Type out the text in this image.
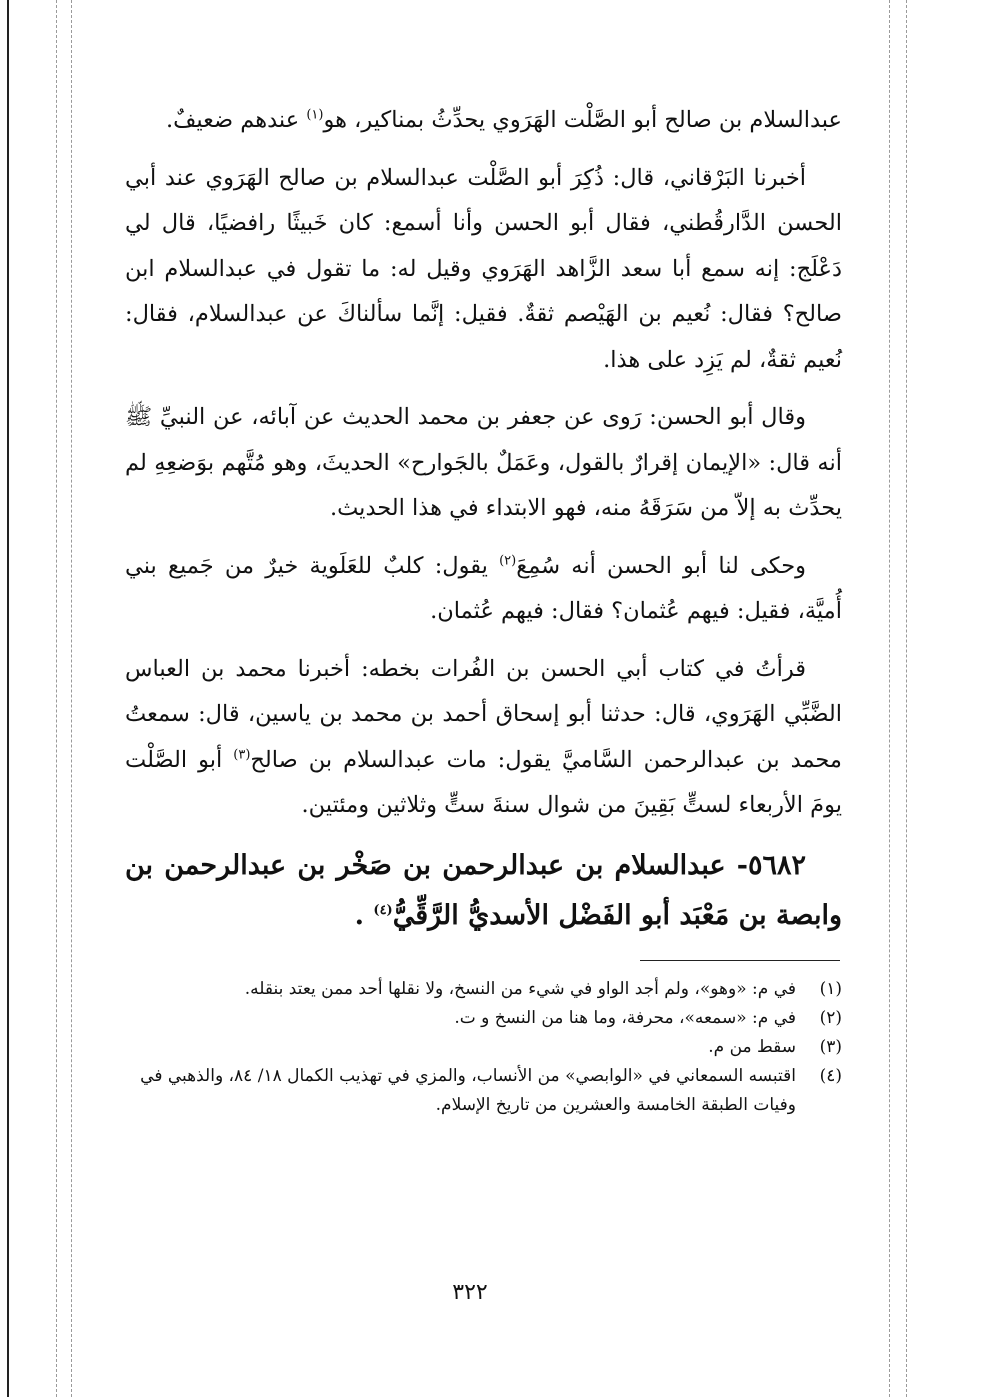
عبدالسلام بن صالح أبو الصَّلْت الهَرَوي يحدِّثُ بمناكير، هو$^{(١)}$ عندهم ضعيفٌ.

أخبرنا البَرْقاني، قال: ذُكِرَ أبو الصَّلْت عبدالسلام بن صالح الهَرَوي عند أبي الحسن الدَّارقُطني، فقال أبو الحسن وأنا أسمع: كان خَبيثًا رافضيًا، قال لي دَعْلَج: إنه سمع أبا سعد الزَّاهد الهَرَوي وقيل له: ما تقول في عبدالسلام ابن صالح؟ فقال: نُعيم بن الهَيْصم ثقةٌ. فقيل: إنَّما سألناكَ عن عبدالسلام، فقال: نُعيم ثقةٌ، لم يَزِد على هذا.

وقال أبو الحسن: رَوى عن جعفر بن محمد الحديث عن آبائه، عن النبيِّ ﷺ أنه قال: «الإيمان إقرارٌ بالقول، وعَمَلٌ بالجَوارح» الحديثَ، وهو مُتَّهم بوَضعِهِ لم يحدِّث به إلاّ من سَرَقَهُ منه، فهو الابتداء في هذا الحديث.

وحكى لنا أبو الحسن أنه سُمِعَ$^{(٢)}$ يقول: كلبٌ للعَلَوية خيرٌ من جَميع بني أُميَّة، فقيل: فيهم عُثمان؟ فقال: فيهم عُثمان.

قرأتُ في كتاب أبي الحسن بن الفُرات بخطه: أخبرنا محمد بن العباس الضَّبِّي الهَرَوي، قال: حدثنا أبو إسحاق أحمد بن محمد بن ياسين، قال: سمعتُ محمد بن عبدالرحمن السَّاميَّ يقول: مات عبدالسلام بن صالح$^{(٣)}$ أبو الصَّلْت يومَ الأربعاء لستٍّ بَقِينَ من شوال سنةَ ستٍّ وثلاثين ومئتين.

٥٦٨٢- عبدالسلام بن عبدالرحمن بن صَخْر بن عبدالرحمن بن وابصة بن مَعْبَد أبو الفَضْل الأسديُّ الرَّقِّيُّ$^{(٤)}$ .

(١)
في م: «وهو»، ولم أجد الواو في شيء من النسخ، ولا نقلها أحد ممن يعتد بنقله.
(٢)
في م: «سمعه»، محرفة، وما هنا من النسخ و ت.
(٣)
سقط من م.
(٤)
اقتبسه السمعاني في «الوابصي» من الأنساب، والمزي في تهذيب الكمال ١٨/ ٨٤، والذهبي في وفيات الطبقة الخامسة والعشرين من تاريخ الإسلام.
٣٢٢
